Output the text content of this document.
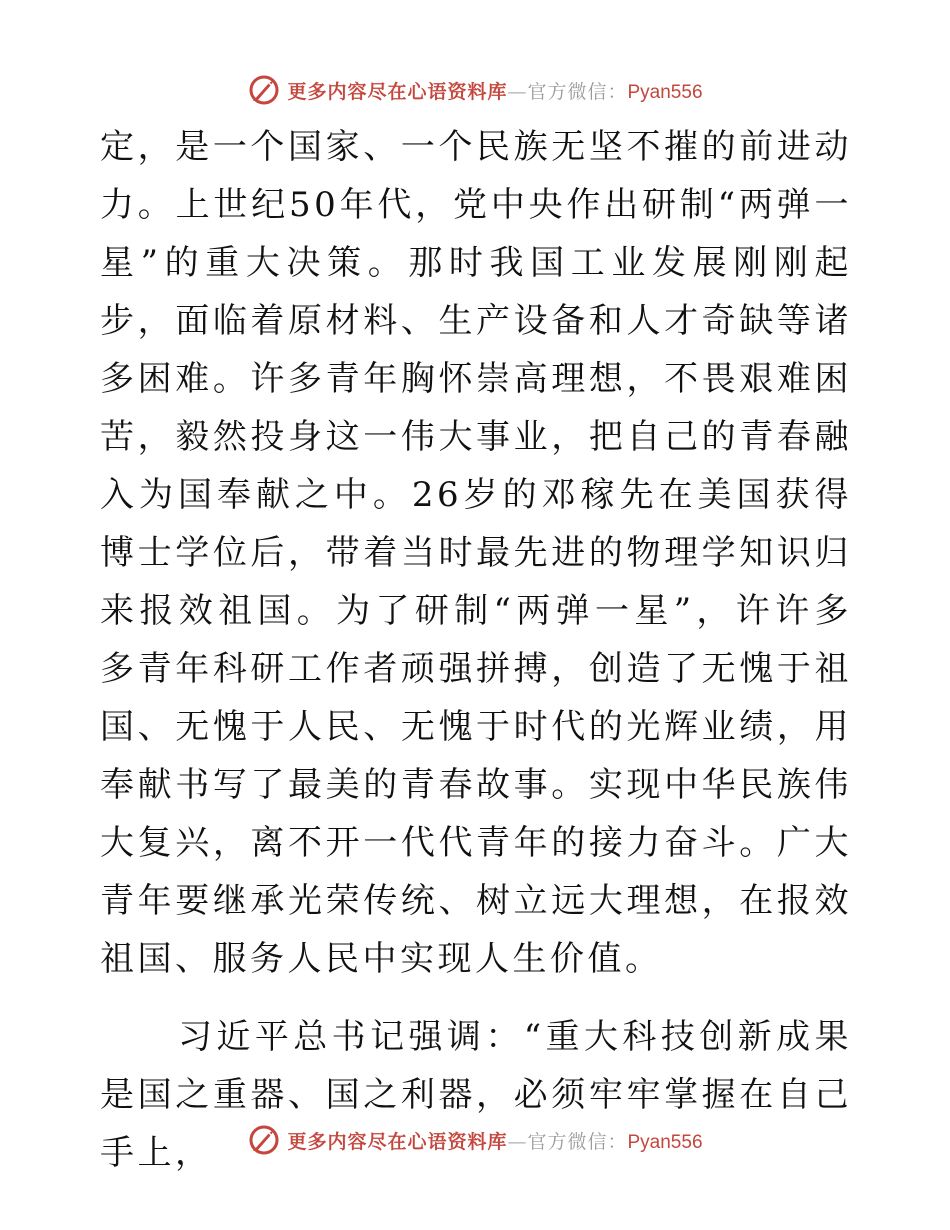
更多内容尽在心语资料库—官方微信：Pyan556

定，是一个国家、一个民族无坚不摧的前进动力。上世纪50年代，党中央作出研制“两弹一星”的重大决策。那时我国工业发展刚刚起步，面临着原材料、生产设备和人才奇缺等诸多困难。许多青年胸怀崇高理想，不畏艰难困苦，毅然投身这一伟大事业，把自己的青春融入为国奉献之中。26岁的邓稼先在美国获得博士学位后，带着当时最先进的物理学知识归来报效祖国。为了研制“两弹一星”，许许多多青年科研工作者顽强拼搏，创造了无愧于祖国、无愧于人民、无愧于时代的光辉业绩，用奉献书写了最美的青春故事。实现中华民族伟大复兴，离不开一代代青年的接力奋斗。广大青年要继承光荣传统、树立远大理想，在报效祖国、服务人民中实现人生价值。

习近平总书记强调：“重大科技创新成果是国之重器、国之利器，必须牢牢掌握在自己手上，	更多内容尽在心语资料库—官方微信：Pyan556
